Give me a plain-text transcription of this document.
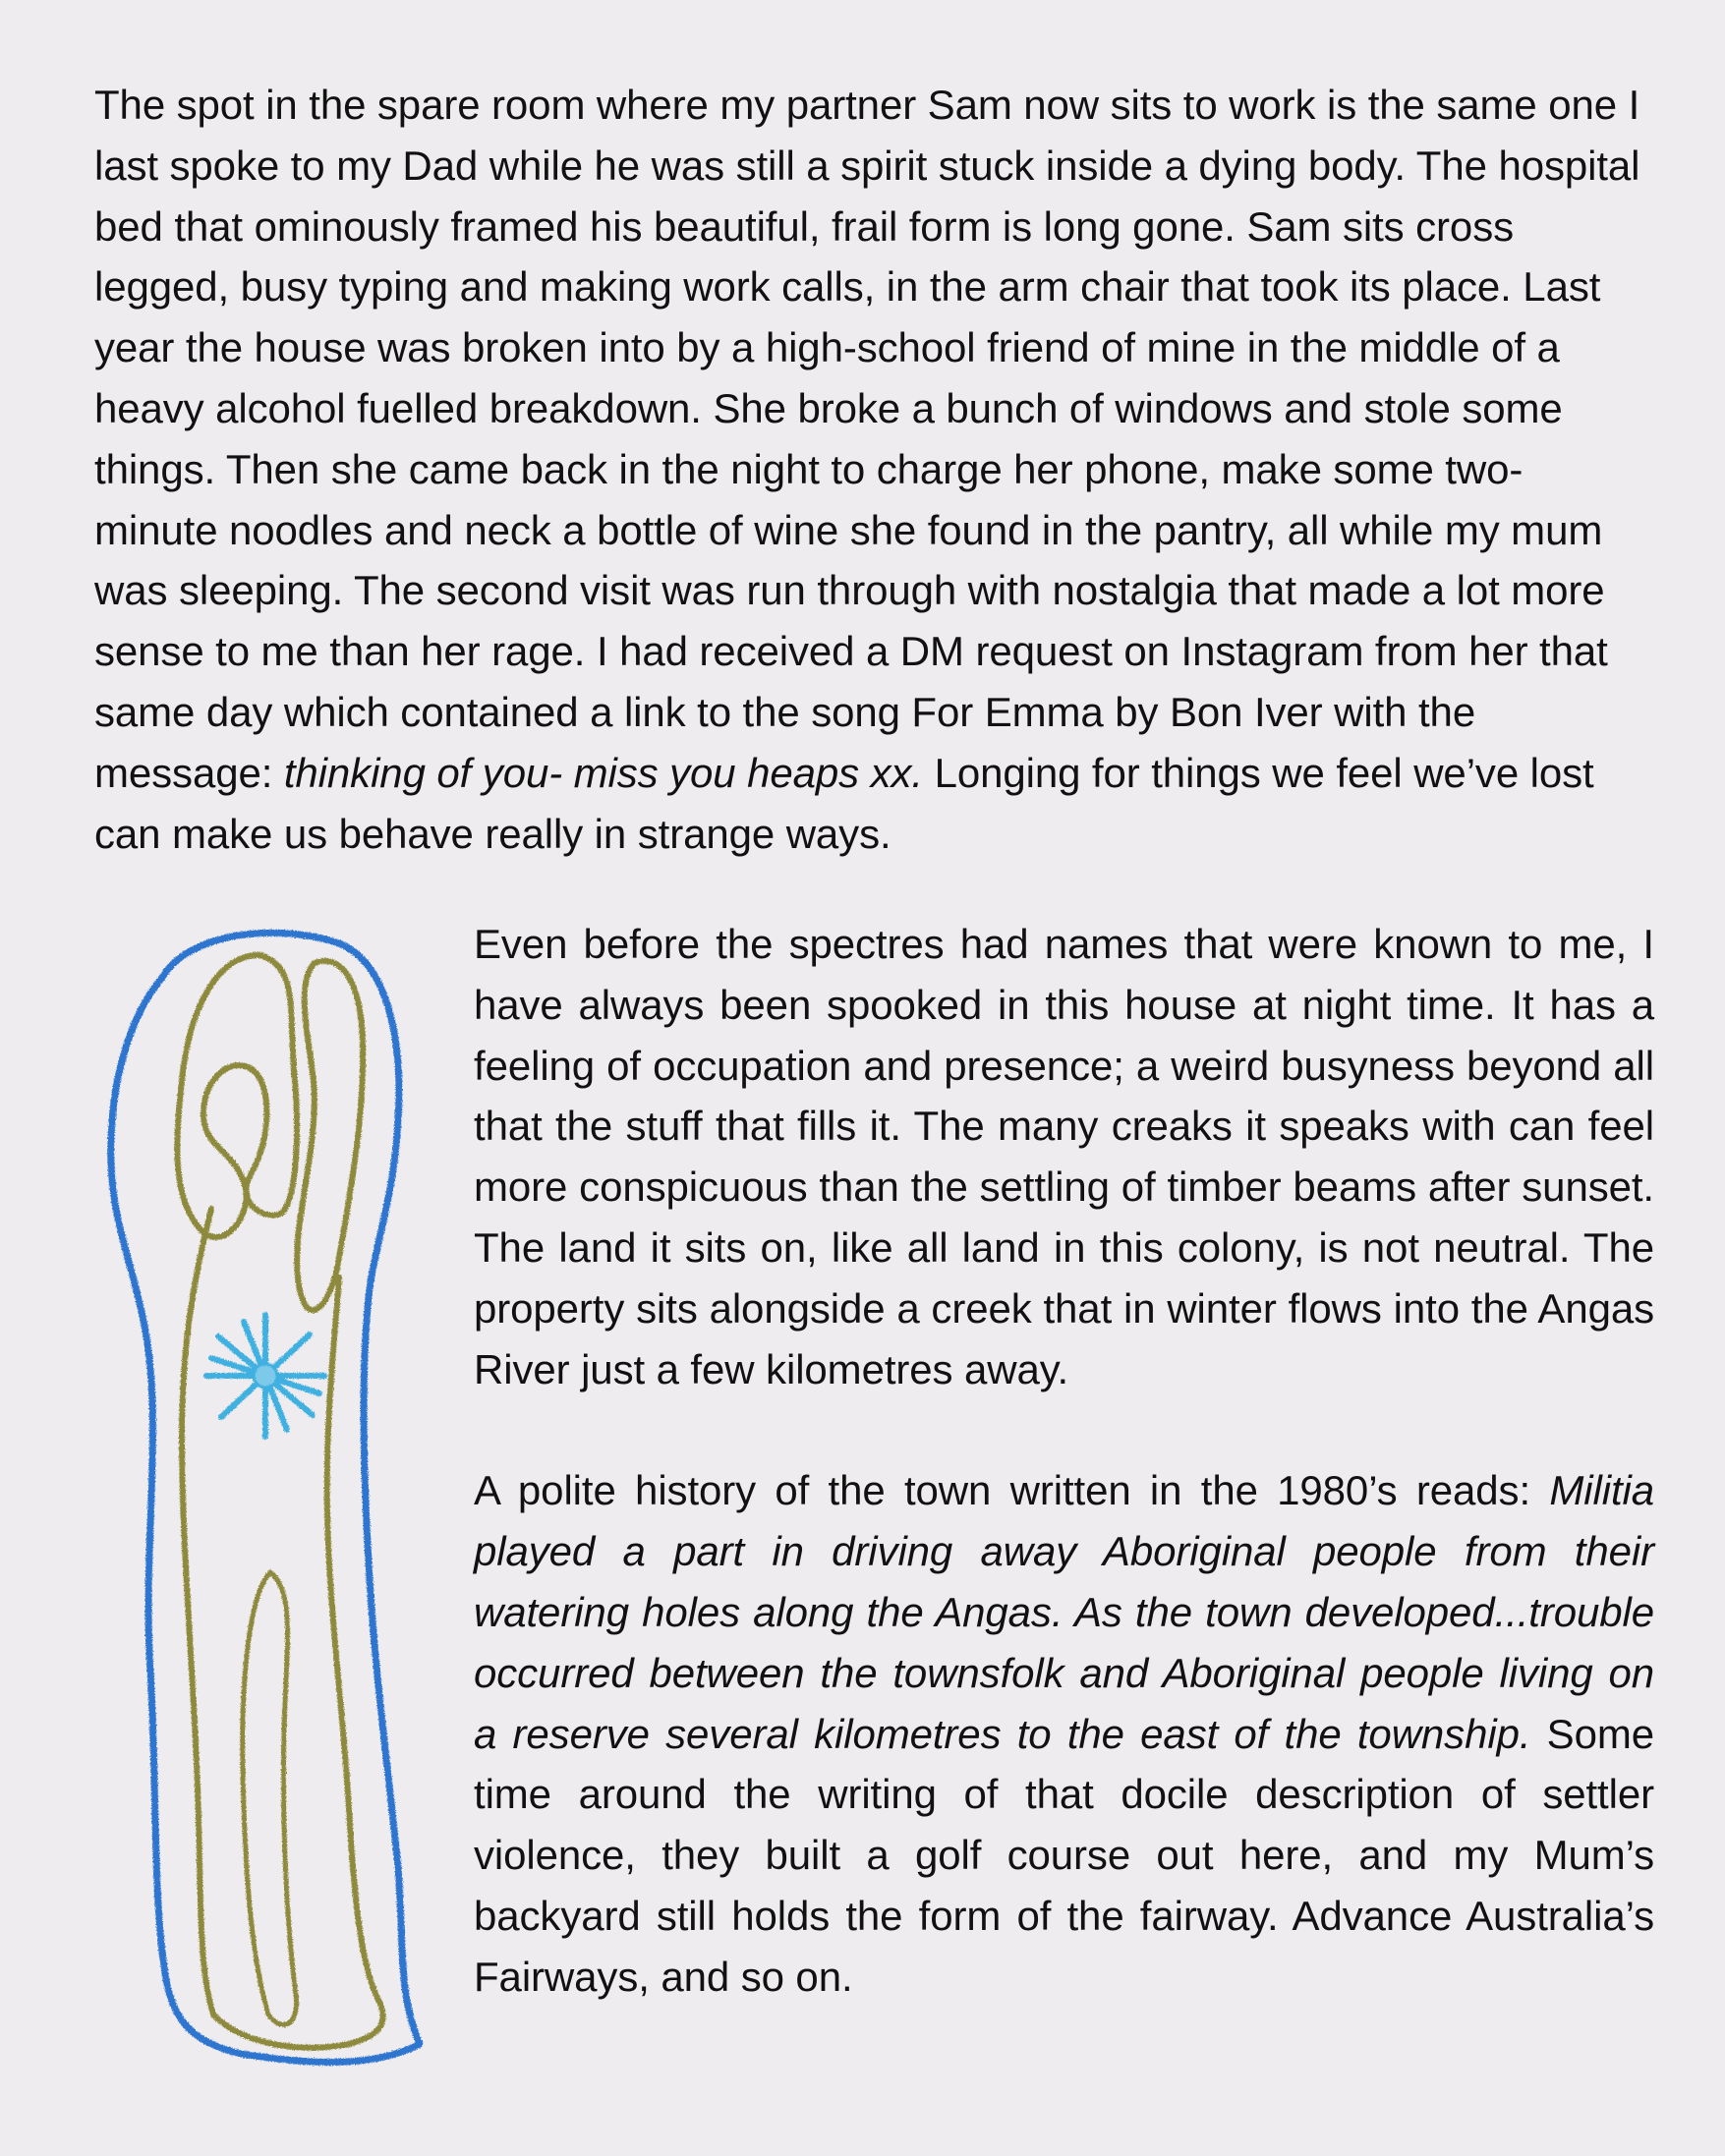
The spot in the spare room where my partner Sam now sits to work is the same one I last spoke to my Dad while he was still a spirit stuck inside a dying body. The hospital bed that ominously framed his beautiful, frail form is long gone. Sam sits cross legged, busy typing and making work calls, in the arm chair that took its place. Last year the house was broken into by a high-school friend of mine in the middle of a heavy alcohol fuelled breakdown. She broke a bunch of windows and stole some things. Then she came back in the night to charge her phone, make some two- minute noodles and neck a bottle of wine she found in the pantry, all while my mum was sleeping. The second visit was run through with nostalgia that made a lot more sense to me than her rage. I had received a DM request on Instagram from her that same day which contained a link to the song For Emma by Bon Iver with the message: thinking of you- miss you heaps xx. Longing for things we feel we’ve lost can make us behave really in strange ways.

Even before the spectres had names that were known to me, I have always been spooked in this house at night time. It has a feeling of occupation and presence; a weird busyness beyond all that the stuff that fills it. The many creaks it speaks with can feel more conspicuous than the settling of timber beams after sunset. The land it sits on, like all land in this colony, is not neutral. The property sits alongside a creek that in winter flows into the Angas River just a few kilometres away.

A polite history of the town written in the 1980’s reads: Militia played a part in driving away Aboriginal people from their watering holes along the Angas. As the town developed...trouble occurred between the townsfolk and Aboriginal people living on a reserve several kilometres to the east of the township. Some time around the writing of that docile description of settler violence, they built a golf course out here, and my Mum’s backyard still holds the form of the fairway. Advance Australia’s Fairways, and so on.
